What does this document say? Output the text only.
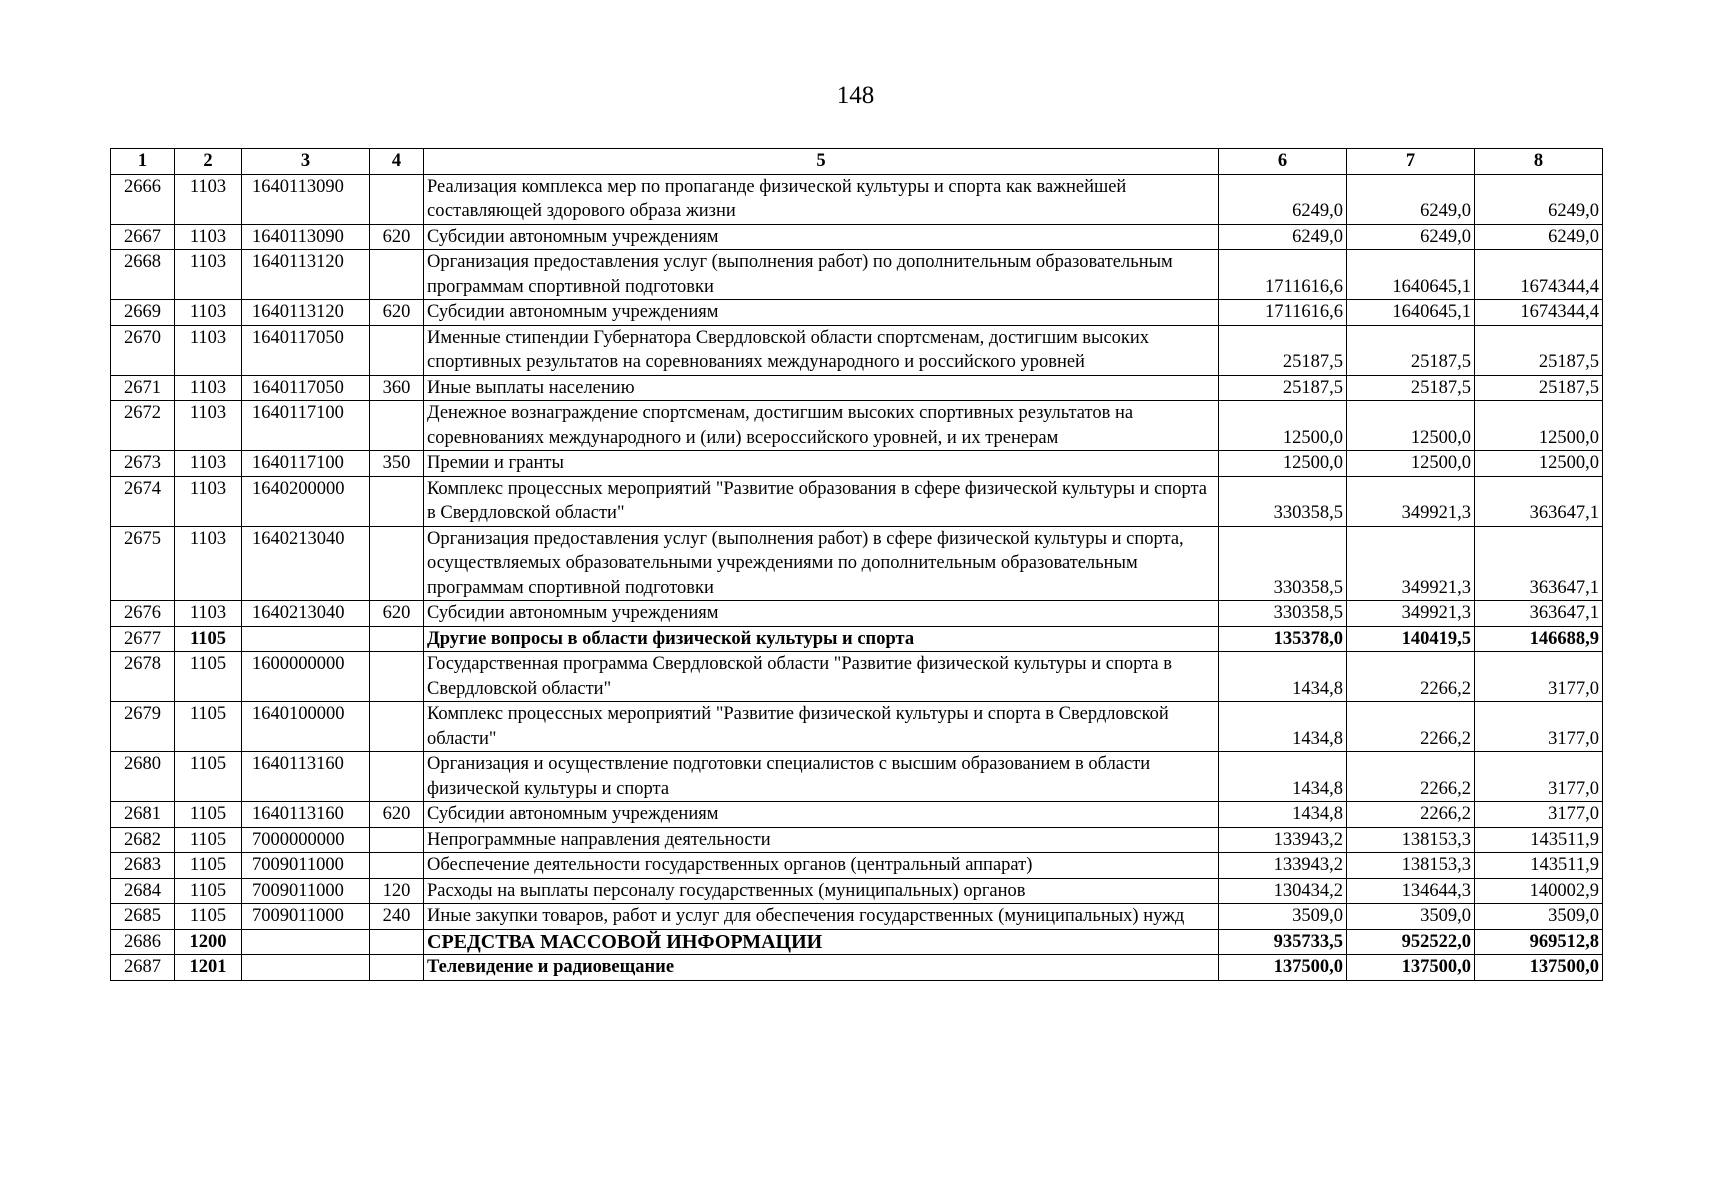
148
1	2	3	4	5	6	7	8
2666	1103	1640113090		Реализация комплекса мер по пропаганде физической культуры и спорта как важнейшей составляющей здорового образа жизни	6249,0	6249,0	6249,0
2667	1103	1640113090	620	Субсидии автономным учреждениям	6249,0	6249,0	6249,0
2668	1103	1640113120		Организация предоставления услуг (выполнения работ) по дополнительным образовательным программам спортивной подготовки	1711616,6	1640645,1	1674344,4
2669	1103	1640113120	620	Субсидии автономным учреждениям	1711616,6	1640645,1	1674344,4
2670	1103	1640117050		Именные стипендии Губернатора Свердловской области спортсменам, достигшим высоких спортивных результатов на соревнованиях международного и российского уровней	25187,5	25187,5	25187,5
2671	1103	1640117050	360	Иные выплаты населению	25187,5	25187,5	25187,5
2672	1103	1640117100		Денежное вознаграждение спортсменам, достигшим высоких спортивных результатов на соревнованиях международного и (или) всероссийского уровней, и их тренерам	12500,0	12500,0	12500,0
2673	1103	1640117100	350	Премии и гранты	12500,0	12500,0	12500,0
2674	1103	1640200000		Комплекс процессных мероприятий "Развитие образования в сфере физической культуры и спорта в Свердловской области"	330358,5	349921,3	363647,1
2675	1103	1640213040		Организация предоставления услуг (выполнения работ) в сфере физической культуры и спорта, осуществляемых образовательными учреждениями по дополнительным образовательным программам спортивной подготовки	330358,5	349921,3	363647,1
2676	1103	1640213040	620	Субсидии автономным учреждениям	330358,5	349921,3	363647,1
2677	1105			Другие вопросы в области физической культуры и спорта	135378,0	140419,5	146688,9
2678	1105	1600000000		Государственная программа Свердловской области "Развитие физической культуры и спорта в Свердловской области"	1434,8	2266,2	3177,0
2679	1105	1640100000		Комплекс процессных мероприятий "Развитие физической культуры и спорта в Свердловской области"	1434,8	2266,2	3177,0
2680	1105	1640113160		Организация и осуществление подготовки специалистов с высшим образованием в области физической культуры и спорта	1434,8	2266,2	3177,0
2681	1105	1640113160	620	Субсидии автономным учреждениям	1434,8	2266,2	3177,0
2682	1105	7000000000		Непрограммные направления деятельности	133943,2	138153,3	143511,9
2683	1105	7009011000		Обеспечение деятельности государственных органов (центральный аппарат)	133943,2	138153,3	143511,9
2684	1105	7009011000	120	Расходы на выплаты персоналу государственных (муниципальных) органов	130434,2	134644,3	140002,9
2685	1105	7009011000	240	Иные закупки товаров, работ и услуг для обеспечения государственных (муниципальных) нужд	3509,0	3509,0	3509,0
2686	1200			СРЕДСТВА МАССОВОЙ ИНФОРМАЦИИ	935733,5	952522,0	969512,8
2687	1201			Телевидение и радиовещание	137500,0	137500,0	137500,0
